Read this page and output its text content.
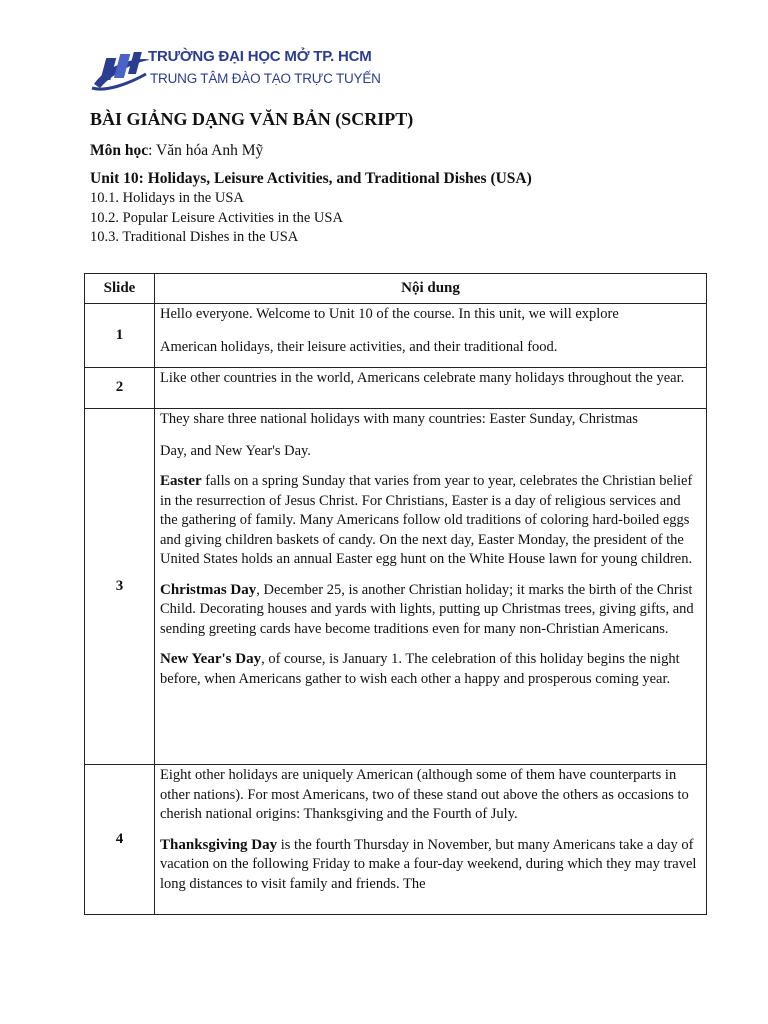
TRƯỜNG ĐẠI HỌC MỞ TP. HCM
TRUNG TÂM ĐÀO TẠO TRỰC TUYẾN
BÀI GIẢNG DẠNG VĂN BẢN (SCRIPT)
Môn học: Văn hóa Anh Mỹ
Unit 10: Holidays, Leisure Activities, and Traditional Dishes (USA)
10.1. Holidays in the USA
10.2. Popular Leisure Activities in the USA
10.3. Traditional Dishes in the USA
Slide	Nội dung
1	Hello everyone. Welcome to Unit 10 of the course. In this unit, we will explore

American holidays, their leisure activities, and their traditional food.

2	Like other countries in the world, Americans celebrate many holidays throughout the year.

3	They share three national holidays with many countries: Easter Sunday, Christmas

Day, and New Year's Day.

Easter falls on a spring Sunday that varies from year to year, celebrates the Christian belief in the resurrection of Jesus Christ. For Christians, Easter is a day of religious services and the gathering of family. Many Americans follow old traditions of coloring hard-boiled eggs and giving children baskets of candy. On the next day, Easter Monday, the president of the United States holds an annual Easter egg hunt on the White House lawn for young children.

Christmas Day, December 25, is another Christian holiday; it marks the birth of the Christ Child. Decorating houses and yards with lights, putting up Christmas trees, giving gifts, and sending greeting cards have become traditions even for many non-Christian Americans.

New Year's Day, of course, is January 1. The celebration of this holiday begins the night before, when Americans gather to wish each other a happy and prosperous coming year.

4	Eight other holidays are uniquely American (although some of them have counterparts in other nations). For most Americans, two of these stand out above the others as occasions to cherish national origins: Thanksgiving and the Fourth of July.

Thanksgiving Day is the fourth Thursday in November, but many Americans take a day of vacation on the following Friday to make a four-day weekend, during which they may travel long distances to visit family and friends. The
